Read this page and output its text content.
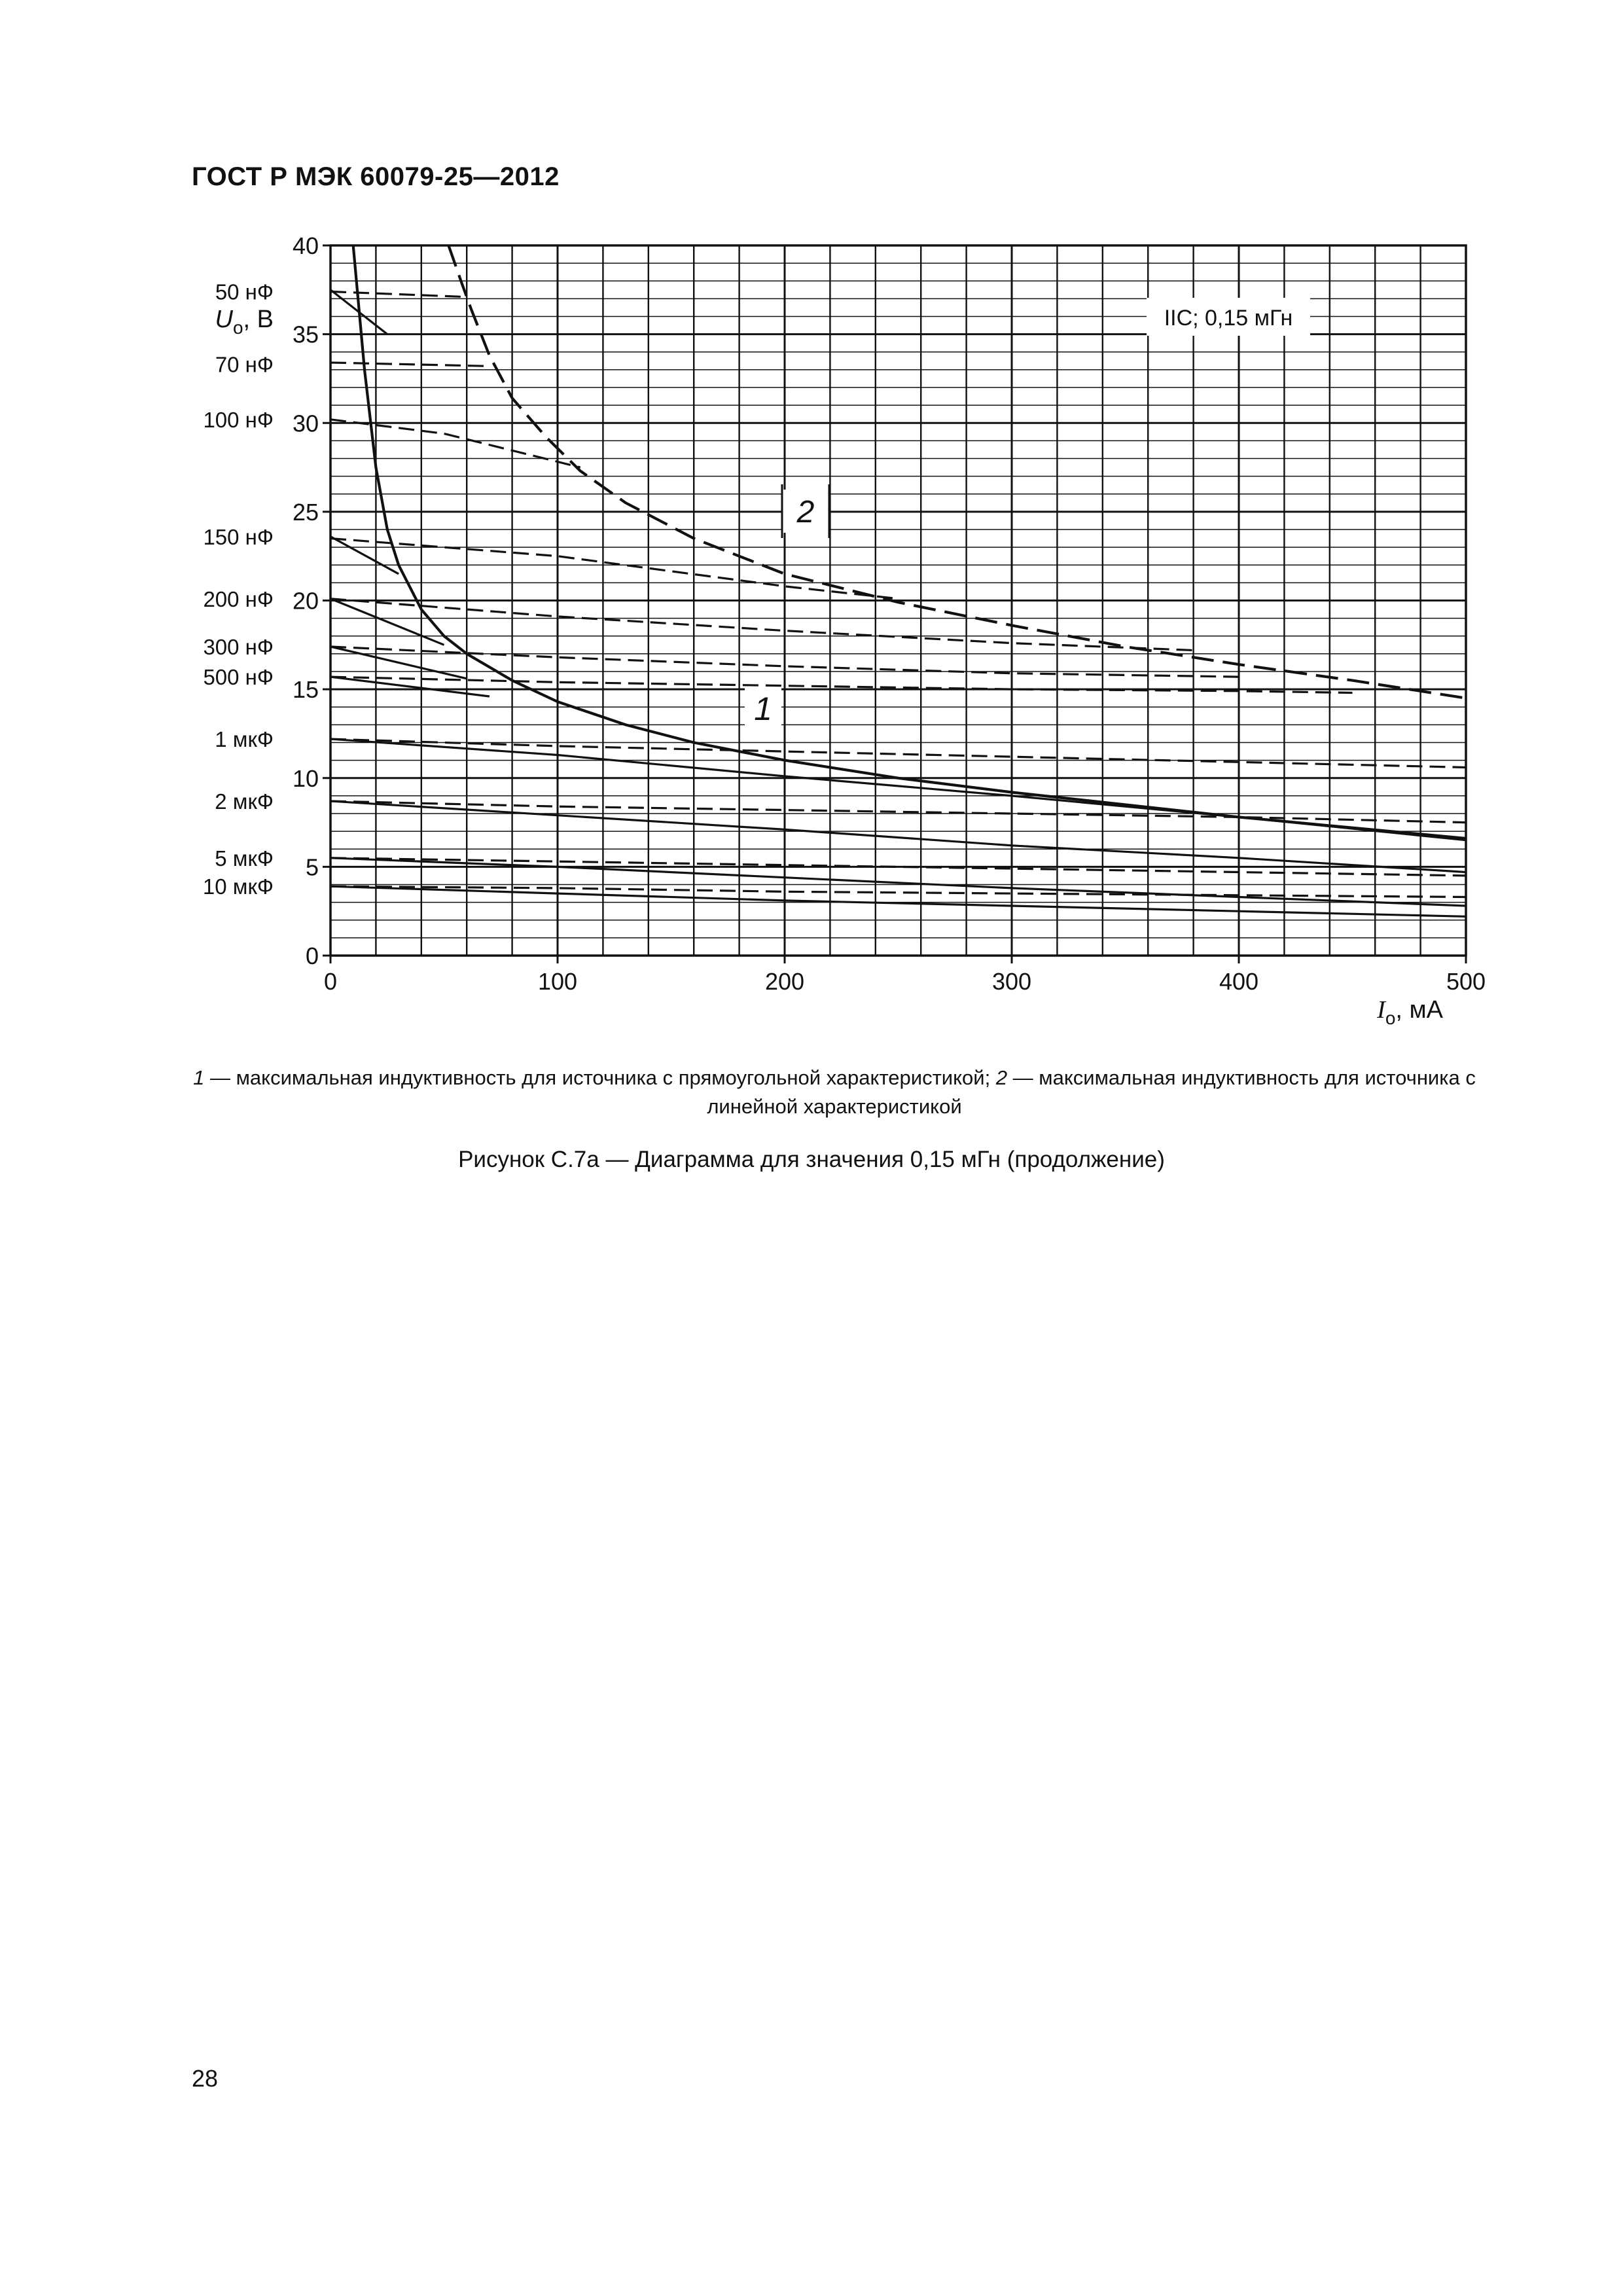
ГОСТ Р МЭК 60079-25—2012
0	100	200	300	400	500
0
5
10
15
20
25
30
35
40
50 нФ
70 нФ
100 нФ
150 нФ
200 нФ
300 нФ
500 нФ
1 мкФ
2 мкФ
5 мкФ
10 мкФ
$U_o$, В
$I_o$, мА
IIC; 0,15 мГн
2
1
1 — максимальная индуктивность для источника с прямоугольной характеристикой; 2 — максимальная индуктивность для источника с линейной характеристикой
Рисунок С.7а — Диаграмма для значения 0,15 мГн (продолжение)
28
